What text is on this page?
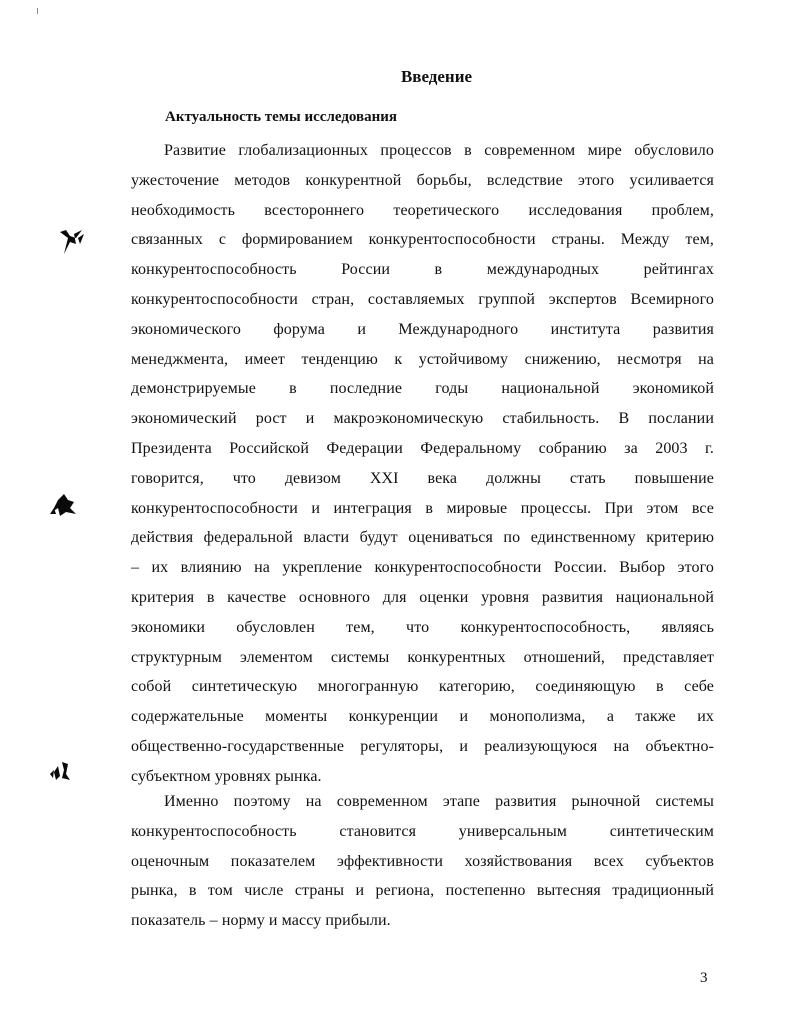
Введение
Актуальность темы исследования
Развитие глобализационных процессов в современном мире обусловило
ужесточение методов конкурентной борьбы, вследствие этого усиливается
необходимость всестороннего теоретического исследования проблем,
связанных с формированием конкурентоспособности страны. Между тем,
конкурентоспособность России в международных рейтингах
конкурентоспособности стран, составляемых группой экспертов Всемирного
экономического форума и Международного института развития
менеджмента, имеет тенденцию к устойчивому снижению, несмотря на
демонстрируемые в последние годы национальной экономикой
экономический рост и макроэкономическую стабильность. В послании
Президента Российской Федерации Федеральному собранию за 2003 г.
говорится, что девизом XXI века должны стать повышение
конкурентоспособности и интеграция в мировые процессы. При этом все
действия федеральной власти будут оцениваться по единственному критерию
– их влиянию на укрепление конкурентоспособности России. Выбор этого
критерия в качестве основного для оценки уровня развития национальной
экономики обусловлен тем, что конкурентоспособность, являясь
структурным элементом системы конкурентных отношений, представляет
собой синтетическую многогранную категорию, соединяющую в себе
содержательные моменты конкуренции и монополизма, а также их
общественно-государственные регуляторы, и реализующуюся на объектно-
субъектном уровнях рынка.
Именно поэтому на современном этапе развития рыночной системы
конкурентоспособность становится универсальным синтетическим
оценочным показателем эффективности хозяйствования всех субъектов
рынка, в том числе страны и региона, постепенно вытесняя традиционный
показатель – норму и массу прибыли.
3
